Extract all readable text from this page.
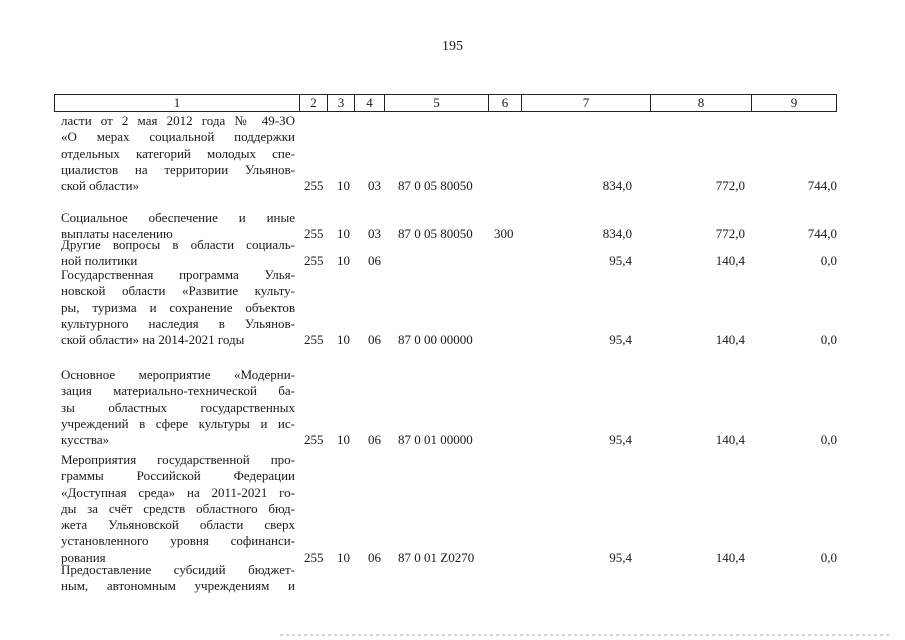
195
1	2	3	4	5	6	7	8	9
ласти от 2 мая 2012 года № 49-ЗО
«О мерах социальной поддержки
отдельных категорий молодых спе-
циалистов на территории Ульянов-
ской области»	255 10 03 87 0 05 80050	834,0	772,0	744,0
Социальное обеспечение и иные
выплаты населению	255 10 03 87 0 05 80050 300	834,0	772,0	744,0
Другие вопросы в области социаль-
ной политики	255 10 06	95,4	140,4	0,0
Государственная программа Улья-
новской области «Развитие культу-
ры, туризма и сохранение объектов
культурного наследия в Ульянов-
ской области» на 2014-2021 годы	255 10 06 87 0 00 00000	95,4	140,4	0,0
Основное мероприятие «Модерни-
зация материально-технической ба-
зы областных государственных
учреждений в сфере культуры и ис-
кусства»	255 10 06 87 0 01 00000	95,4	140,4	0,0
Мероприятия государственной про-
граммы Российской Федерации
«Доступная среда» на 2011-2021 го-
ды за счёт средств областного бюд-
жета Ульяновской области сверх
установленного уровня софинанси-
рования	255 10 06 87 0 01 Z0270	95,4	140,4	0,0
Предоставление субсидий бюджет-
ным, автономным учреждениям и
